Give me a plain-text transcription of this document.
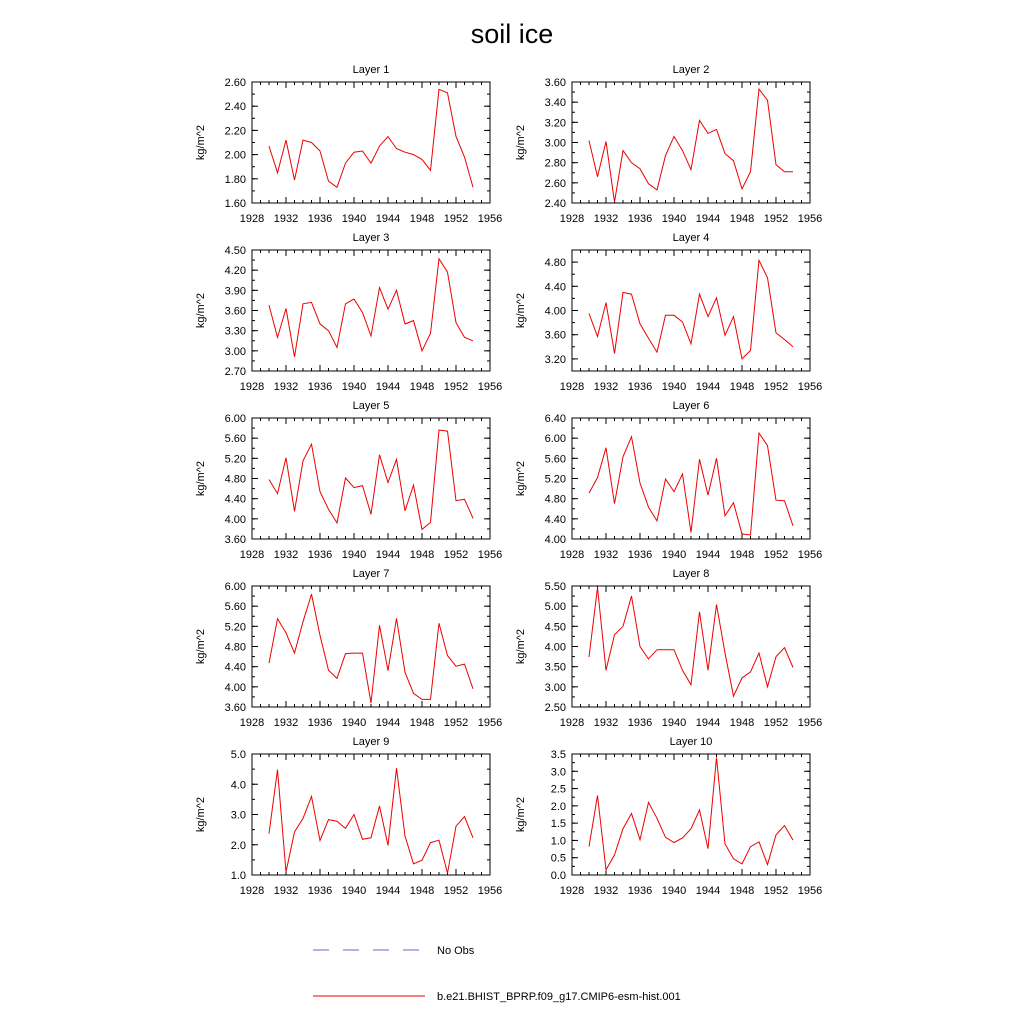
soil ice
Layer 1
1928 1932 1936 1940 1944 1948 1952 1956
1.60
1.80
2.00
2.20
2.40
2.60
kg/m^2
Layer 2
1928 1932 1936 1940 1944 1948 1952 1956
2.40
2.60
2.80
3.00
3.20
3.40
3.60
kg/m^2
Layer 3
1928 1932 1936 1940 1944 1948 1952 1956
2.70
3.00
3.30
3.60
3.90
4.20
4.50
kg/m^2
Layer 4
1928 1932 1936 1940 1944 1948 1952 1956
3.20
3.60
4.00
4.40
4.80
kg/m^2
Layer 5
1928 1932 1936 1940 1944 1948 1952 1956
3.60
4.00
4.40
4.80
5.20
5.60
6.00
kg/m^2
Layer 6
1928 1932 1936 1940 1944 1948 1952 1956
4.00
4.40
4.80
5.20
5.60
6.00
6.40
kg/m^2
Layer 7
1928 1932 1936 1940 1944 1948 1952 1956
3.60
4.00
4.40
4.80
5.20
5.60
6.00
kg/m^2
Layer 8
1928 1932 1936 1940 1944 1948 1952 1956
2.50
3.00
3.50
4.00
4.50
5.00
5.50
kg/m^2
Layer 9
1928 1932 1936 1940 1944 1948 1952 1956
1.0
2.0
3.0
4.0
5.0
kg/m^2
Layer 10
1928 1932 1936 1940 1944 1948 1952 1956
0.0
0.5
1.0
1.5
2.0
2.5
3.0
3.5
kg/m^2
No Obs
b.e21.BHIST_BPRP.f09_g17.CMIP6-esm-hist.001
